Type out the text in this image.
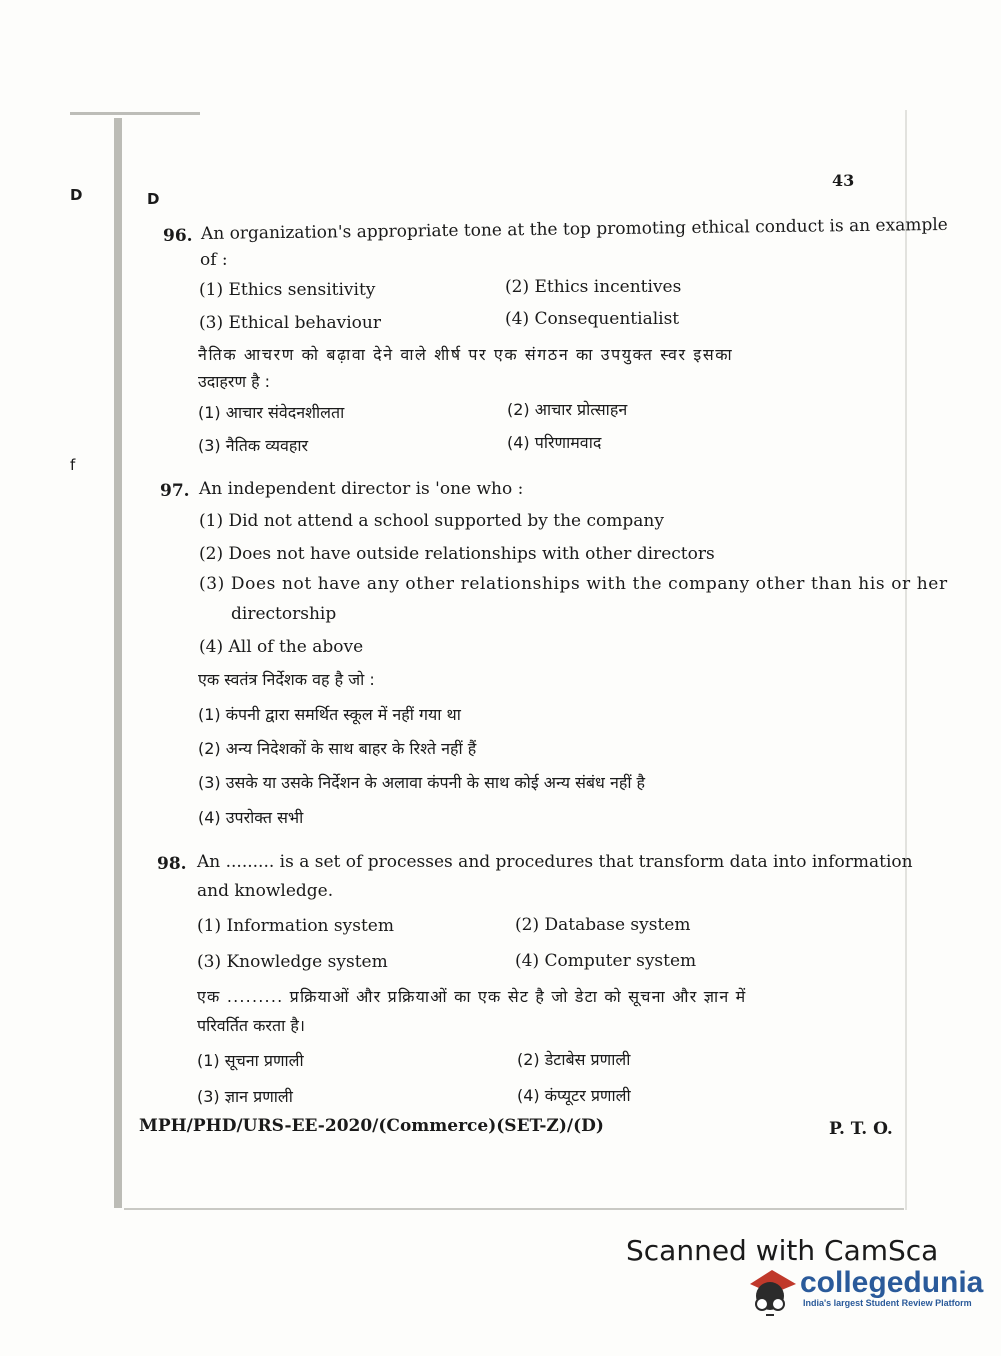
D	D
43
f
96. An organization's appropriate tone at the top promoting ethical conduct is an example
of :
(1) Ethics sensitivity	(2) Ethics incentives
(3) Ethical behaviour	(4) Consequentialist
नैतिक आचरण को बढ़ावा देने वाले शीर्ष पर एक संगठन का उपयुक्त स्वर इसका
उदाहरण है :
(1) आचार संवेदनशीलता	(2) आचार प्रोत्साहन
(3) नैतिक व्यवहार	(4) परिणामवाद
97. An independent director is 'one who :
(1) Did not attend a school supported by the company
(2) Does not have outside relationships with other directors
(3) Does not have any other relationships with the company other than his or her
directorship
(4) All of the above
एक स्वतंत्र निर्देशक वह है जो :
(1) कंपनी द्वारा समर्थित स्कूल में नहीं गया था
(2) अन्य निदेशकों के साथ बाहर के रिश्ते नहीं हैं
(3) उसके या उसके निर्देशन के अलावा कंपनी के साथ कोई अन्य संबंध नहीं है
(4) उपरोक्त सभी
98. An ......... is a set of processes and procedures that transform data into information
and knowledge.
(1) Information system	(2) Database system
(3) Knowledge system	(4) Computer system
एक ......... प्रक्रियाओं और प्रक्रियाओं का एक सेट है जो डेटा को सूचना और ज्ञान में
परिवर्तित करता है।
(1) सूचना प्रणाली	(2) डेटाबेस प्रणाली
(3) ज्ञान प्रणाली	(4) कंप्यूटर प्रणाली
MPH/PHD/URS-EE-2020/(Commerce)(SET-Z)/(D)	P. T. O.
Scanned with CamSca
collegedunia
India's largest Student Review Platform
